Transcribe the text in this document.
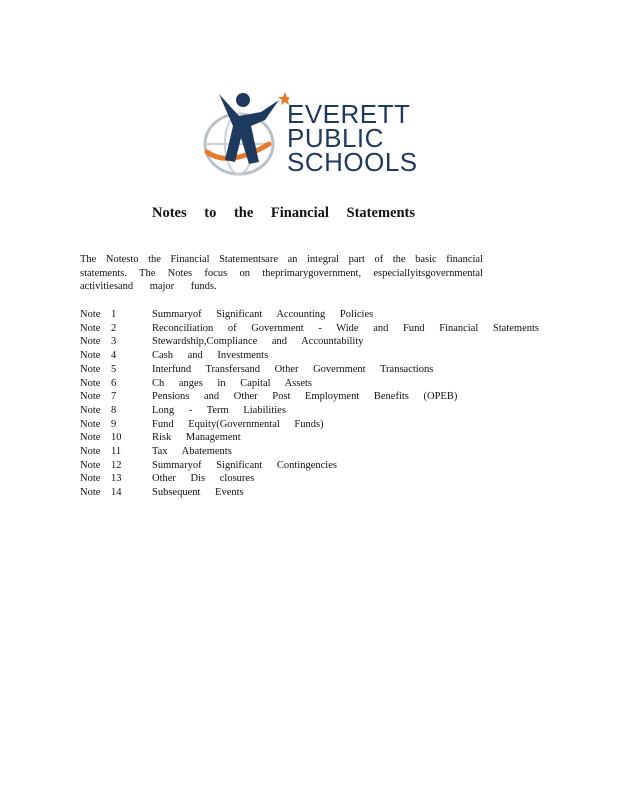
EVERETT
PUBLIC
SCHOOLS
Notes to the Financial Statements
The Notesto the Financial Statementsare an integral part of the basic financial
statements. The Notes focus on theprimarygovernment, especiallyitsgovernmental
activitiesand major funds.
Note 1	Summaryof Significant Accounting Policies
Note 2	Reconciliation of Government - Wide and Fund Financial Statements
Note 3	Stewardship,Compliance and Accountability
Note 4	Cash and Investments
Note 5	Interfund Transfersand Other Government Transactions
Note 6	Ch anges in Capital Assets
Note 7	Pensions and Other Post Employment Benefits (OPEB)
Note 8	Long - Term Liabilities
Note 9	Fund Equity(Governmental Funds)
Note 10	Risk Management
Note 11	Tax Abatements
Note 12	Summaryof Significant Contingencies
Note 13	Other Dis closures
Note 14	Subsequent Events
